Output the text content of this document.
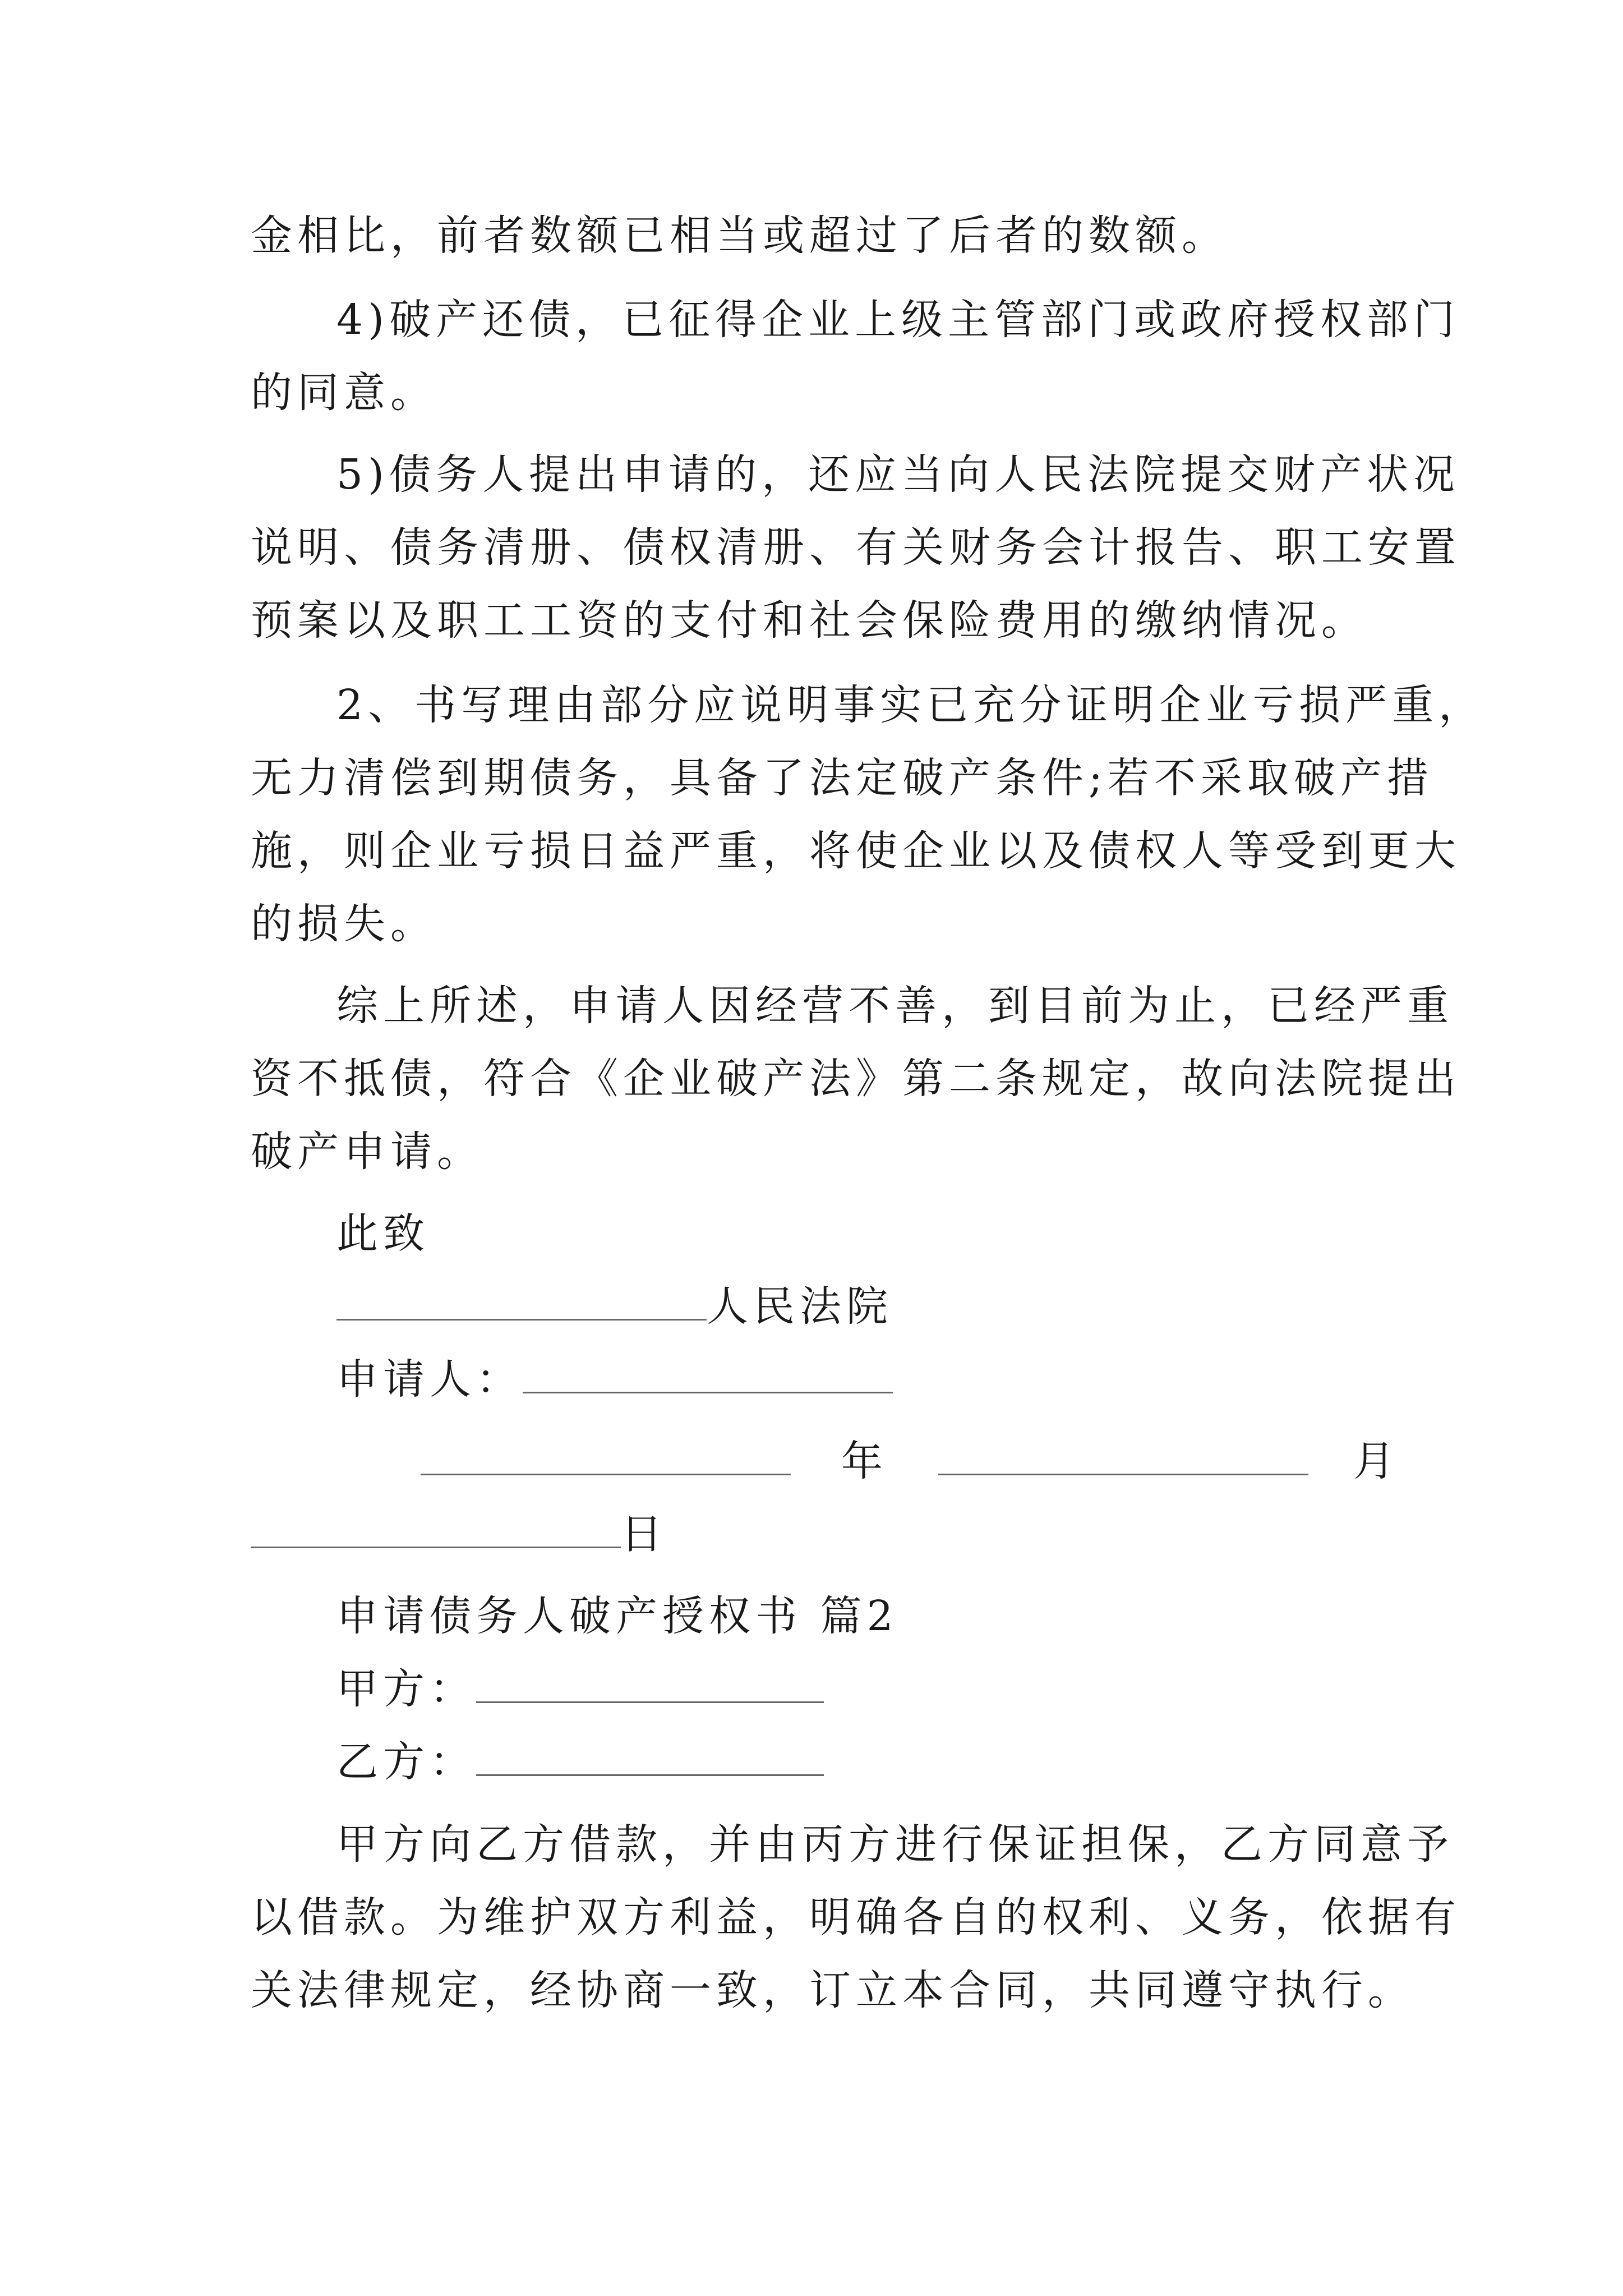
金相比，前者数额已相当或超过了后者的数额。
4)破产还债，已征得企业上级主管部门或政府授权部门
的同意。
5)债务人提出申请的，还应当向人民法院提交财产状况
说明、债务清册、债权清册、有关财务会计报告、职工安置
预案以及职工工资的支付和社会保险费用的缴纳情况。
2、书写理由部分应说明事实已充分证明企业亏损严重，
无力清偿到期债务，具备了法定破产条件;若不采取破产措
施，则企业亏损日益严重，将使企业以及债权人等受到更大
的损失。
综上所述，申请人因经营不善，到目前为止，已经严重
资不抵债，符合《企业破产法》第二条规定，故向法院提出
破产申请。
此致
人民法院
申请人：
年	月
日
申请债务人破产授权书 篇2
甲方：
乙方：
甲方向乙方借款，并由丙方进行保证担保，乙方同意予
以借款。为维护双方利益，明确各自的权利、义务，依据有
关法律规定，经协商一致，订立本合同，共同遵守执行。
